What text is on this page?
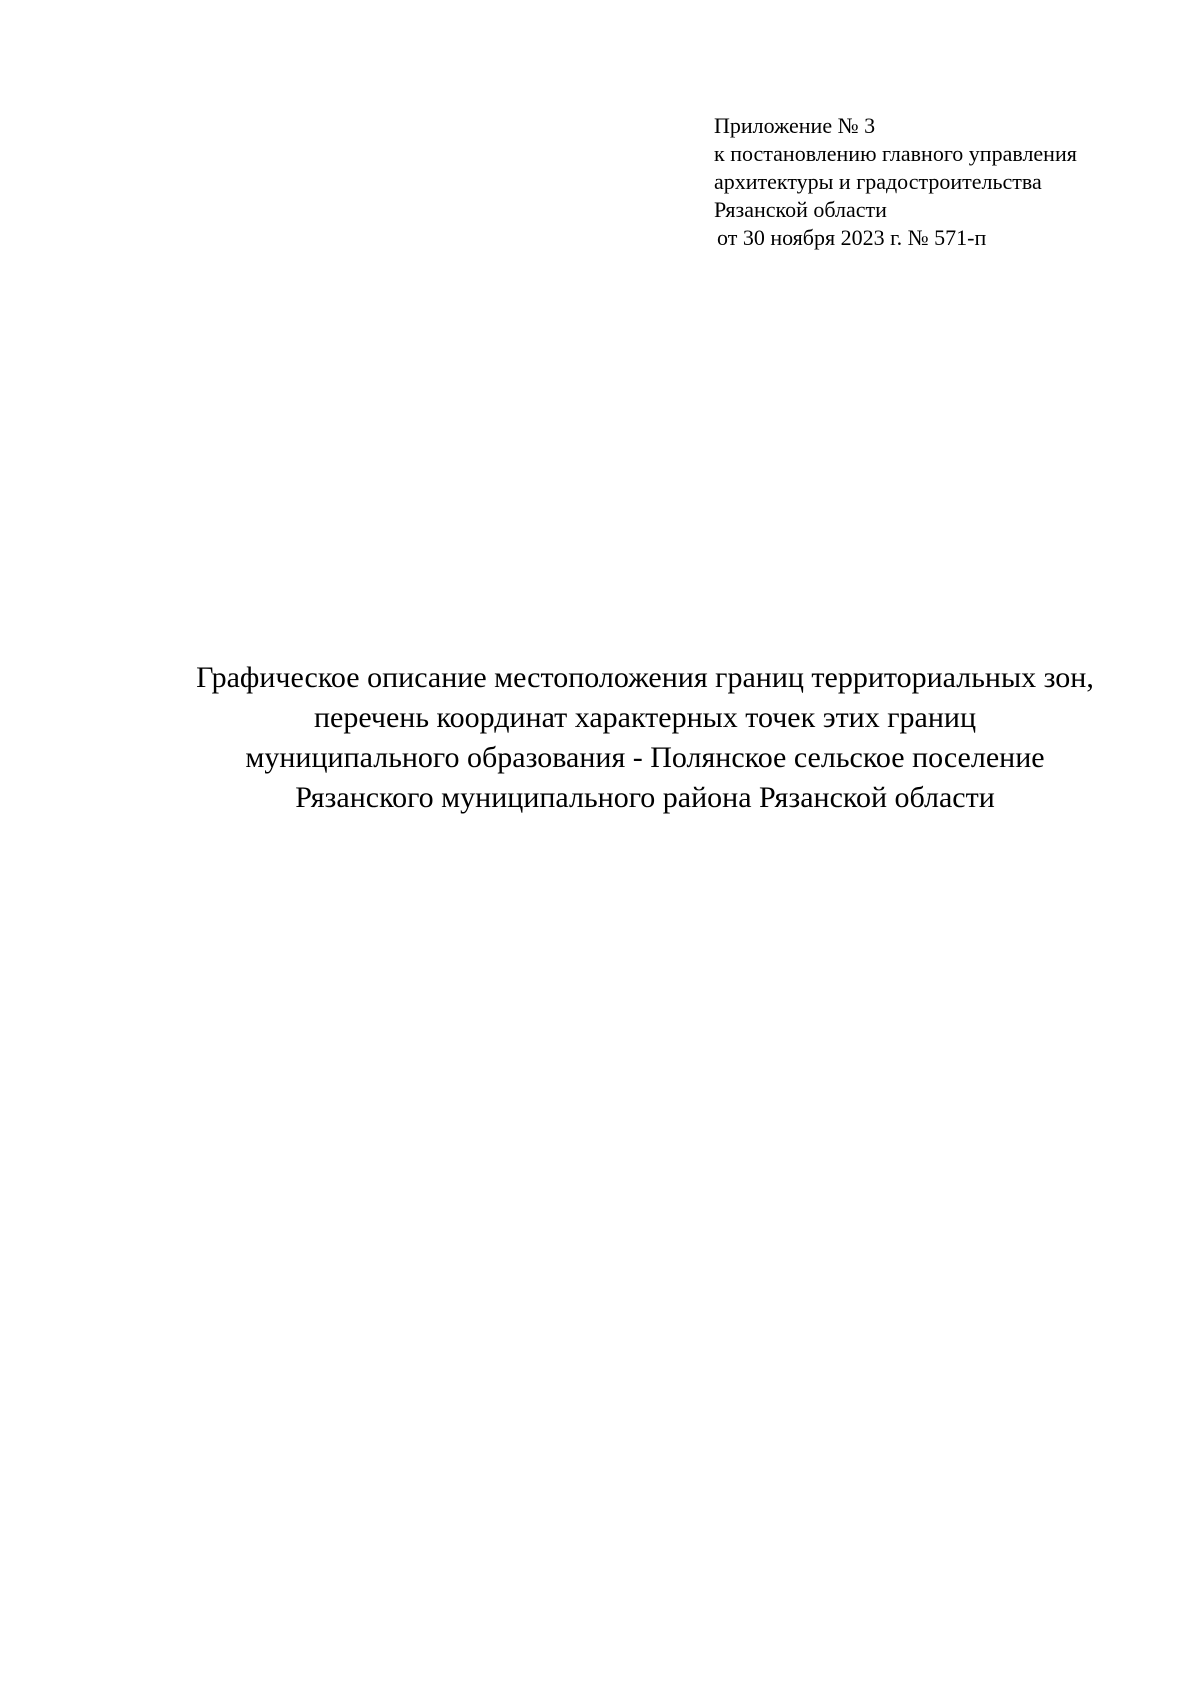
Приложение № 3
к постановлению главного управления
архитектуры и градостроительства
Рязанской области
от 30 ноября 2023 г. № 571-п
Графическое описание местоположения границ территориальных зон,
перечень координат характерных точек этих границ
муниципального образования - Полянское сельское поселение
Рязанского муниципального района Рязанской области
